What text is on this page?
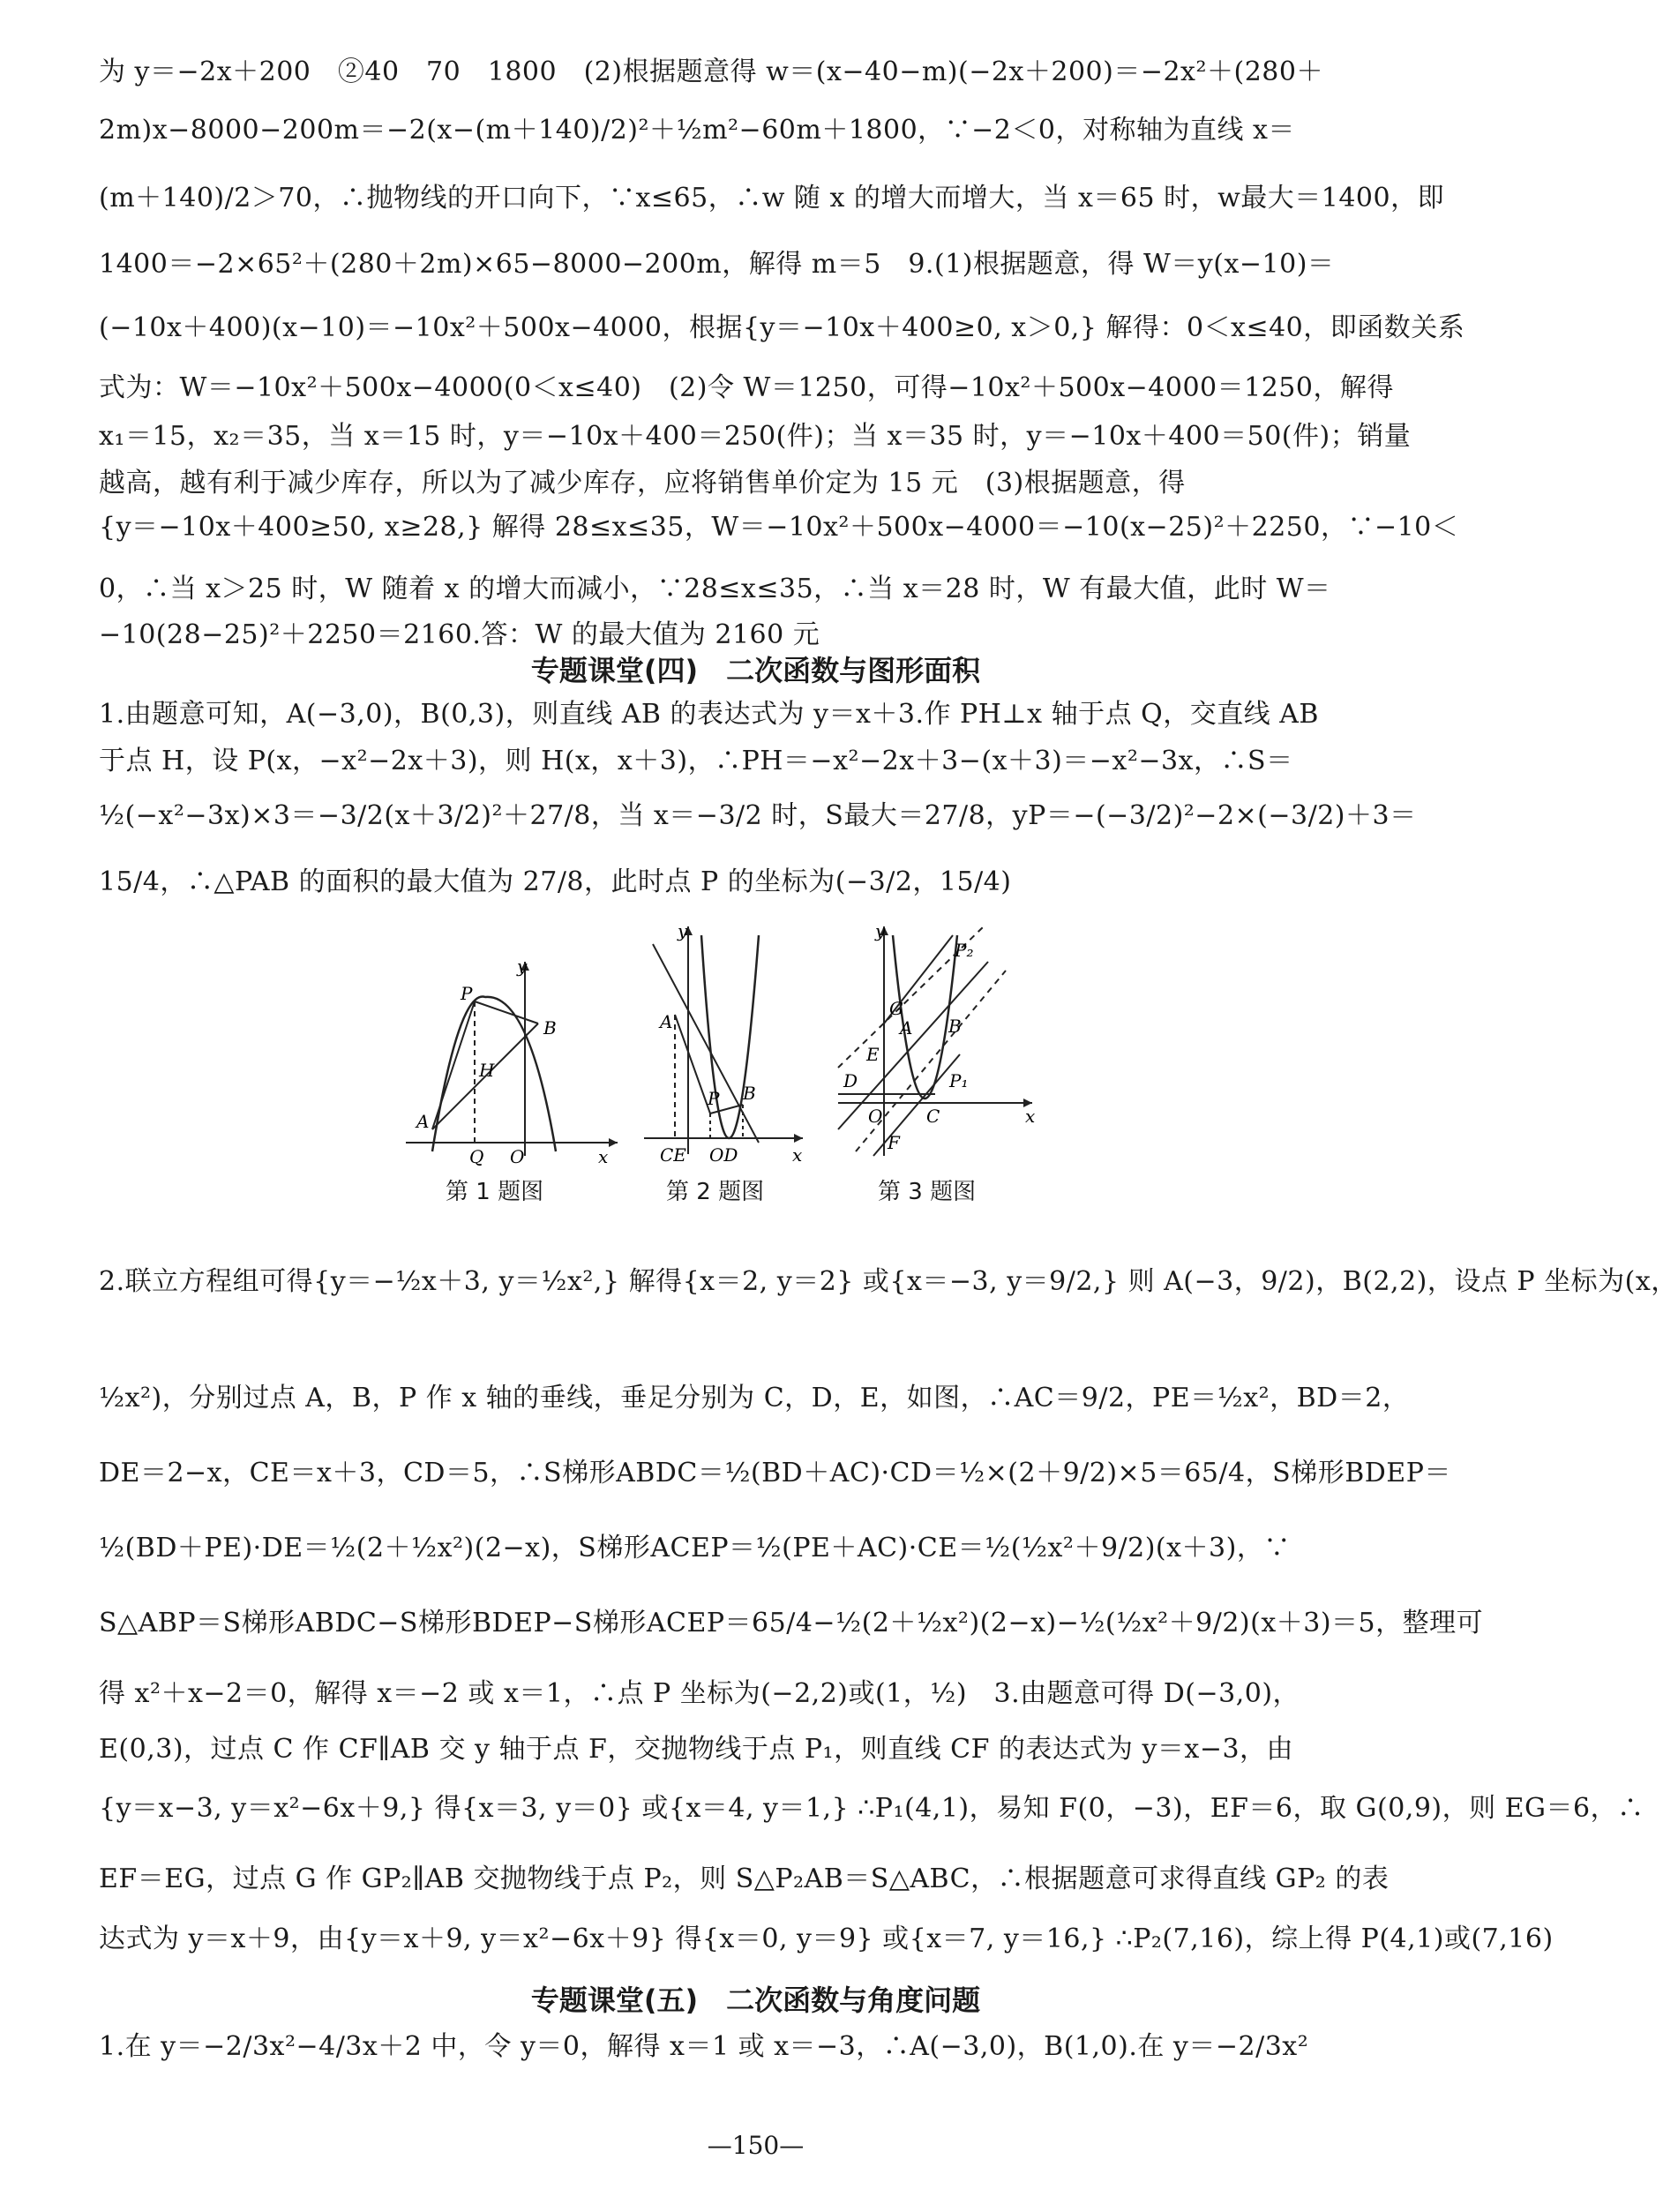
为 y＝−2x＋200　②40　70　1800　(2)根据题意得 w＝(x−40−m)(−2x＋200)＝−2x²＋(280＋
2m)x−8000−200m＝−2(x−(m＋140)/2)²＋½m²−60m＋1800，∵−2＜0，对称轴为直线 x＝
(m＋140)/2＞70，∴抛物线的开口向下，∵x≤65，∴w 随 x 的增大而增大，当 x＝65 时，w最大＝1400，即
1400＝−2×65²＋(280＋2m)×65−8000−200m，解得 m＝5　9.(1)根据题意，得 W＝y(x−10)＝
(−10x＋400)(x−10)＝−10x²＋500x−4000，根据{y＝−10x＋400≥0, x＞0,} 解得：0＜x≤40，即函数关系
式为：W＝−10x²＋500x−4000(0＜x≤40)　(2)令 W＝1250，可得−10x²＋500x−4000＝1250，解得
x₁＝15，x₂＝35，当 x＝15 时，y＝−10x＋400＝250(件)；当 x＝35 时，y＝−10x＋400＝50(件)；销量
越高，越有利于减少库存，所以为了减少库存，应将销售单价定为 15 元　(3)根据题意，得
{y＝−10x＋400≥50, x≥28,} 解得 28≤x≤35，W＝−10x²＋500x−4000＝−10(x−25)²＋2250，∵−10＜
0，∴当 x＞25 时，W 随着 x 的增大而减小，∵28≤x≤35，∴当 x＝28 时，W 有最大值，此时 W＝
−10(28−25)²＋2250＝2160.答：W 的最大值为 2160 元
专题课堂(四)　二次函数与图形面积
1.由题意可知，A(−3,0)，B(0,3)，则直线 AB 的表达式为 y＝x＋3.作 PH⊥x 轴于点 Q，交直线 AB
于点 H，设 P(x，−x²−2x＋3)，则 H(x，x＋3)，∴PH＝−x²−2x＋3−(x＋3)＝−x²−3x，∴S＝
½(−x²−3x)×3＝−3/2(x＋3/2)²＋27/8，当 x＝−3/2 时，S最大＝27/8，yP＝−(−3/2)²−2×(−3/2)＋3＝
15/4，∴△PAB 的面积的最大值为 27/8，此时点 P 的坐标为(−3/2，15/4)
y
P
B
H
A
Q O	x
第 1 题图
y
A
P B
CE OD	x
第 2 题图
y
P₂
G
B
A
E
D	P₁
O C
F
x
第 3 题图
2.联立方程组可得{y＝−½x＋3, y＝½x²,} 解得{x＝2, y＝2} 或{x＝−3, y＝9/2,} 则 A(−3，9/2)，B(2,2)，设点 P 坐标为(x，
½x²)，分别过点 A，B，P 作 x 轴的垂线，垂足分别为 C，D，E，如图，∴AC＝9/2，PE＝½x²，BD＝2，
DE＝2−x，CE＝x＋3，CD＝5，∴S梯形ABDC＝½(BD＋AC)·CD＝½×(2＋9/2)×5＝65/4，S梯形BDEP＝
½(BD＋PE)·DE＝½(2＋½x²)(2−x)，S梯形ACEP＝½(PE＋AC)·CE＝½(½x²＋9/2)(x＋3)，∵
S△ABP＝S梯形ABDC−S梯形BDEP−S梯形ACEP＝65/4−½(2＋½x²)(2−x)−½(½x²＋9/2)(x＋3)＝5，整理可
得 x²＋x−2＝0，解得 x＝−2 或 x＝1，∴点 P 坐标为(−2,2)或(1，½)　3.由题意可得 D(−3,0)，
E(0,3)，过点 C 作 CF∥AB 交 y 轴于点 F，交抛物线于点 P₁，则直线 CF 的表达式为 y＝x−3，由
{y＝x−3, y＝x²−6x＋9,} 得{x＝3, y＝0} 或{x＝4, y＝1,} ∴P₁(4,1)，易知 F(0，−3)，EF＝6，取 G(0,9)，则 EG＝6，∴
EF＝EG，过点 G 作 GP₂∥AB 交抛物线于点 P₂，则 S△P₂AB＝S△ABC，∴根据题意可求得直线 GP₂ 的表
达式为 y＝x＋9，由{y＝x＋9, y＝x²−6x＋9} 得{x＝0, y＝9} 或{x＝7, y＝16,} ∴P₂(7,16)，综上得 P(4,1)或(7,16)
专题课堂(五)　二次函数与角度问题
1.在 y＝−2/3x²−4/3x＋2 中，令 y＝0，解得 x＝1 或 x＝−3，∴A(−3,0)，B(1,0).在 y＝−2/3x²
—150—
